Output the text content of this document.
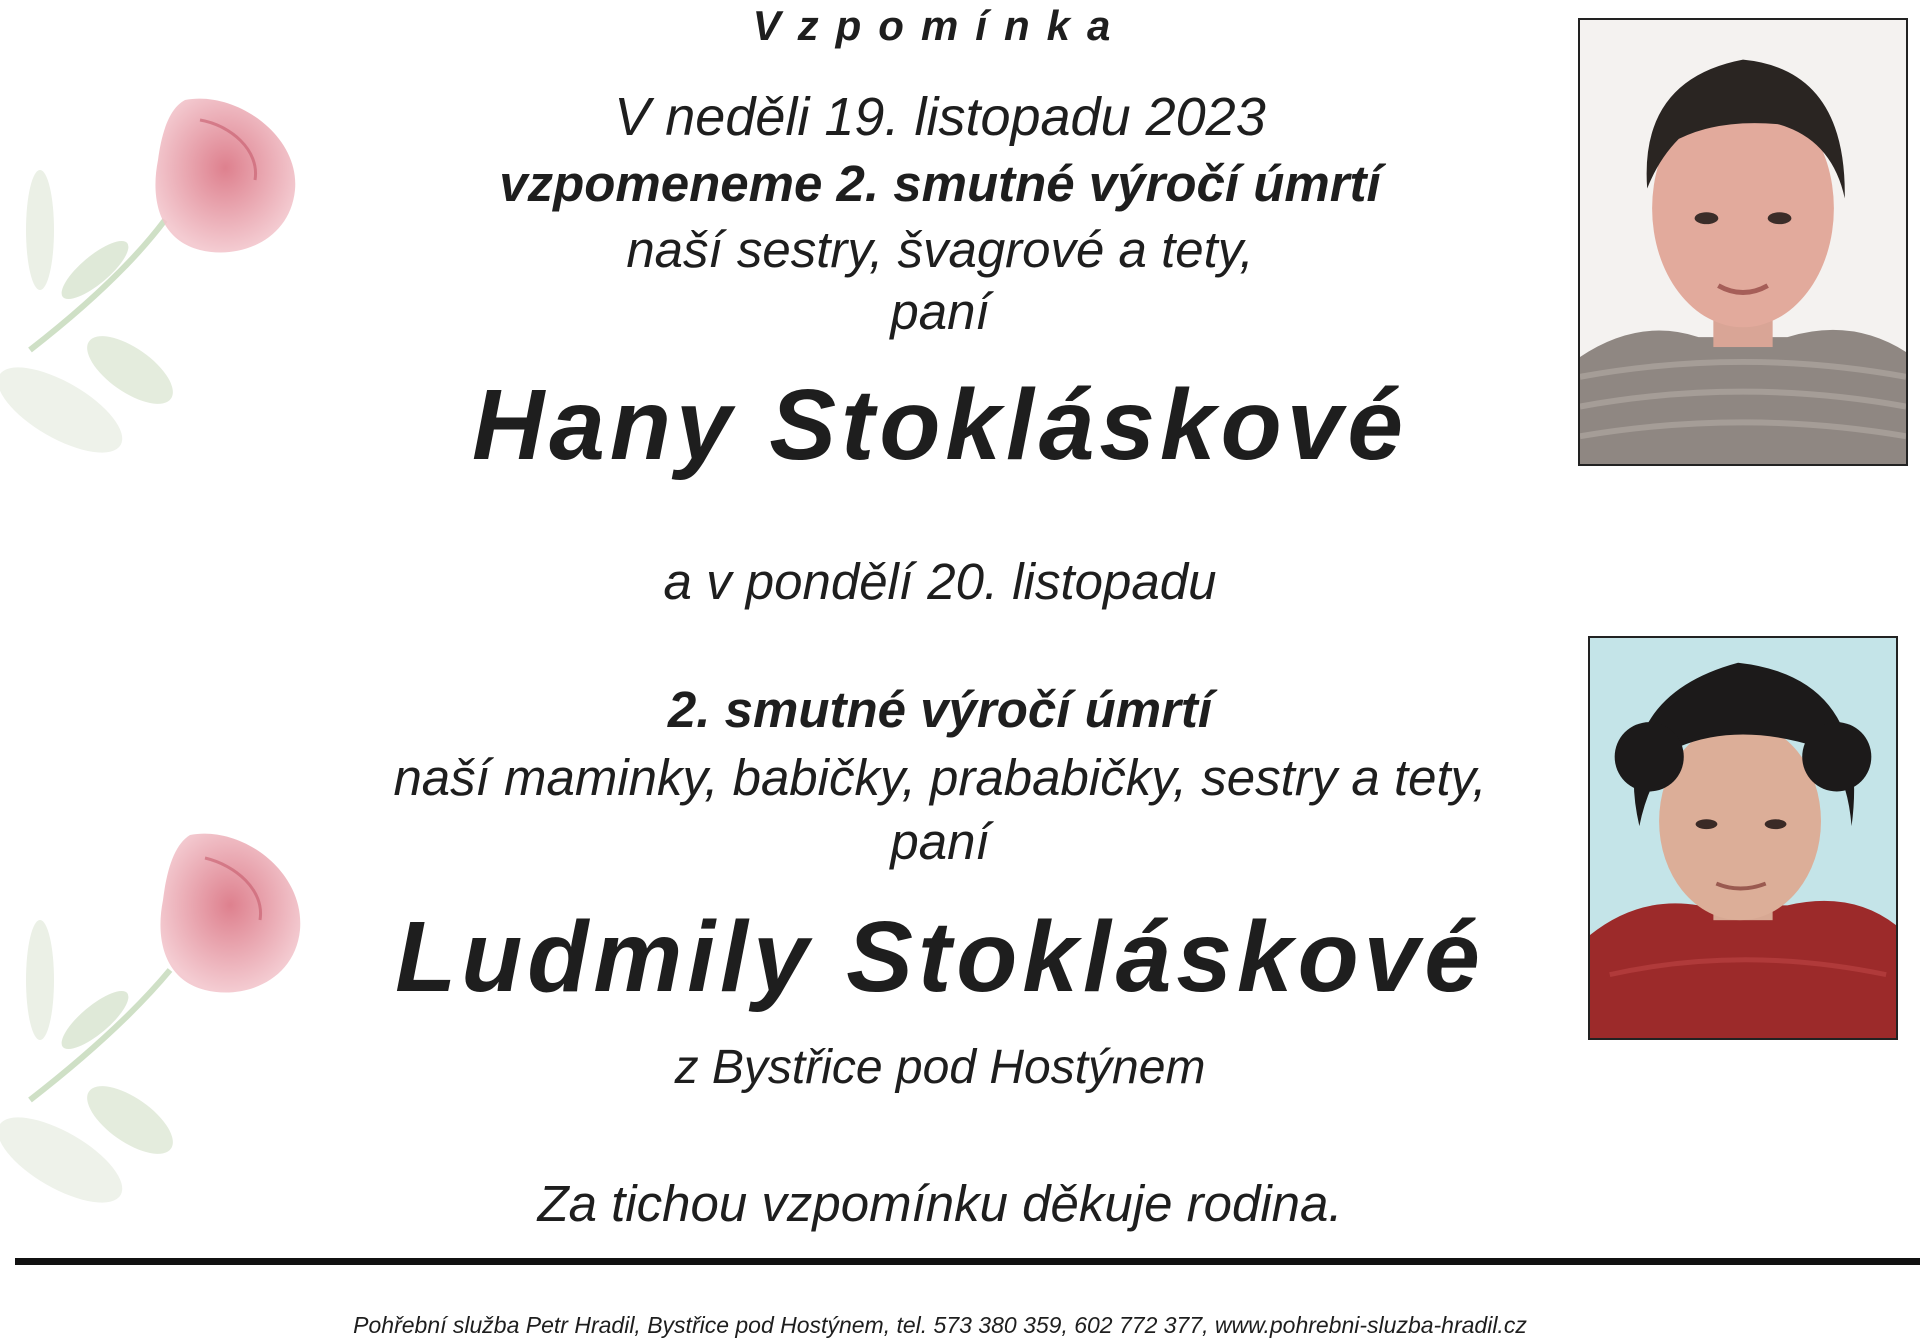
Vzpomínka
V neděli 19. listopadu 2023
vzpomeneme 2. smutné výročí úmrtí
naší sestry, švagrové a tety,
paní
Hany Stokláskové
a v pondělí 20. listopadu
2. smutné výročí úmrtí
naší maminky, babičky, prababičky, sestry a tety,
paní
Ludmily Stokláskové
z Bystřice pod Hostýnem
Za tichou vzpomínku děkuje rodina.
Pohřební služba Petr Hradil, Bystřice pod Hostýnem, tel. 573 380 359, 602 772 377, www.pohrebni-sluzba-hradil.cz
